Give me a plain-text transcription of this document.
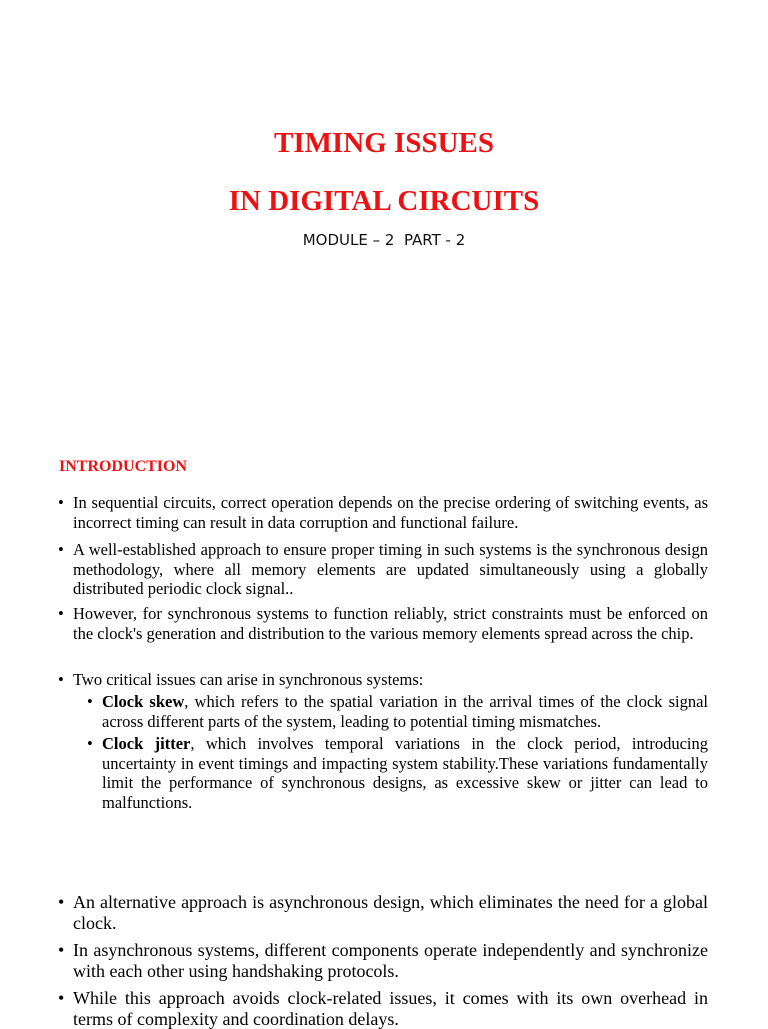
TIMING ISSUES
IN DIGITAL CIRCUITS
MODULE – 2  PART - 2
INTRODUCTION

• In sequential circuits, correct operation depends on the precise ordering of switching events, as incorrect timing can result in data corruption and functional failure.

• A well-established approach to ensure proper timing in such systems is the synchronous design methodology, where all memory elements are updated simultaneously using a globally distributed periodic clock signal..

• However, for synchronous systems to function reliably, strict constraints must be enforced on the clock's generation and distribution to the various memory elements spread across the chip.

• Two critical issues can arise in synchronous systems:

• Clock skew, which refers to the spatial variation in the arrival times of the clock signal across different parts of the system, leading to potential timing mismatches.

• Clock jitter, which involves temporal variations in the clock period, introducing uncertainty in event timings and impacting system stability.These variations fundamentally limit the performance of synchronous designs, as excessive skew or jitter can lead to malfunctions.

• An alternative approach is asynchronous design, which eliminates the need for a global clock.

• In asynchronous systems, different components operate independently and synchronize with each other using handshaking protocols.

• While this approach avoids clock-related issues, it comes with its own overhead in terms of complexity and coordination delays.
